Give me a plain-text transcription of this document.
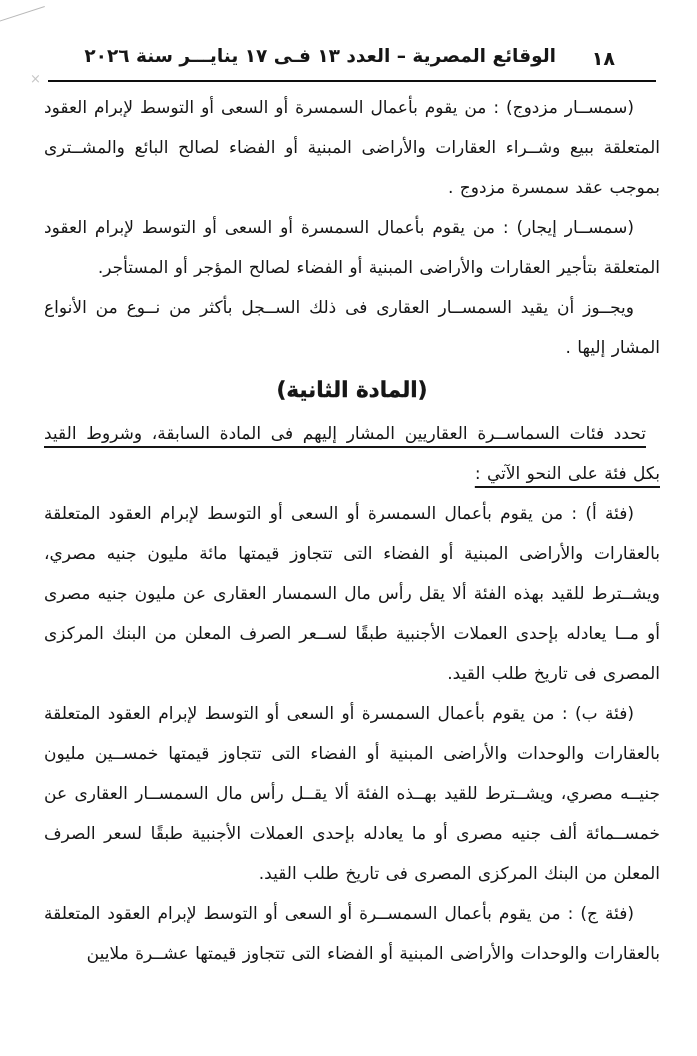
١٨
الوقائع المصرية – العدد ١٣ فـى ١٧ ينايـــر سنة ٢٠٢٦
×

(سمســار مزدوج) : من يقوم بأعمال السمسرة أو السعى أو التوسط لإبرام العقود المتعلقة ببيع وشــراء العقارات والأراضى المبنية أو الفضاء لصالح البائع والمشــترى بموجب عقد سمسرة مزدوج .

(سمســار إيجار) : من يقوم بأعمال السمسرة أو السعى أو التوسط لإبرام العقود المتعلقة بتأجير العقارات والأراضى المبنية أو الفضاء لصالح المؤجر أو المستأجر.

ويجــوز أن يقيد السمســار العقارى فى ذلك الســجل بأكثر من نــوع من الأنواع المشار إليها .

(المادة الثانية)

تحدد فئات السماســرة العقاريين المشار إليهم فى المادة السابقة، وشروط القيد بكل فئة على النحو الآتي :

(فئة أ) : من يقوم بأعمال السمسرة أو السعى أو التوسط لإبرام العقود المتعلقة بالعقارات والأراضى المبنية أو الفضاء التى تتجاوز قيمتها مائة مليون جنيه مصري، ويشــترط للقيد بهذه الفئة ألا يقل رأس مال السمسار العقارى عن مليون جنيه مصرى أو مــا يعادله بإحدى العملات الأجنبية طبقًا لســعر الصرف المعلن من البنك المركزى المصرى فى تاريخ طلب القيد.

(فئة ب) : من يقوم بأعمال السمسرة أو السعى أو التوسط لإبرام العقود المتعلقة بالعقارات والوحدات والأراضى المبنية أو الفضاء التى تتجاوز قيمتها خمســين مليون جنيــه مصري، ويشــترط للقيد بهــذه الفئة ألا يقــل رأس مال السمســار العقارى عن خمســمائة ألف جنيه مصرى أو ما يعادله بإحدى العملات الأجنبية طبقًا لسعر الصرف المعلن من البنك المركزى المصرى فى تاريخ طلب القيد.

(فئة ج) : من يقوم بأعمال السمســرة أو السعى أو التوسط لإبرام العقود المتعلقة بالعقارات والوحدات والأراضى المبنية أو الفضاء التى تتجاوز قيمتها عشــرة ملايين
